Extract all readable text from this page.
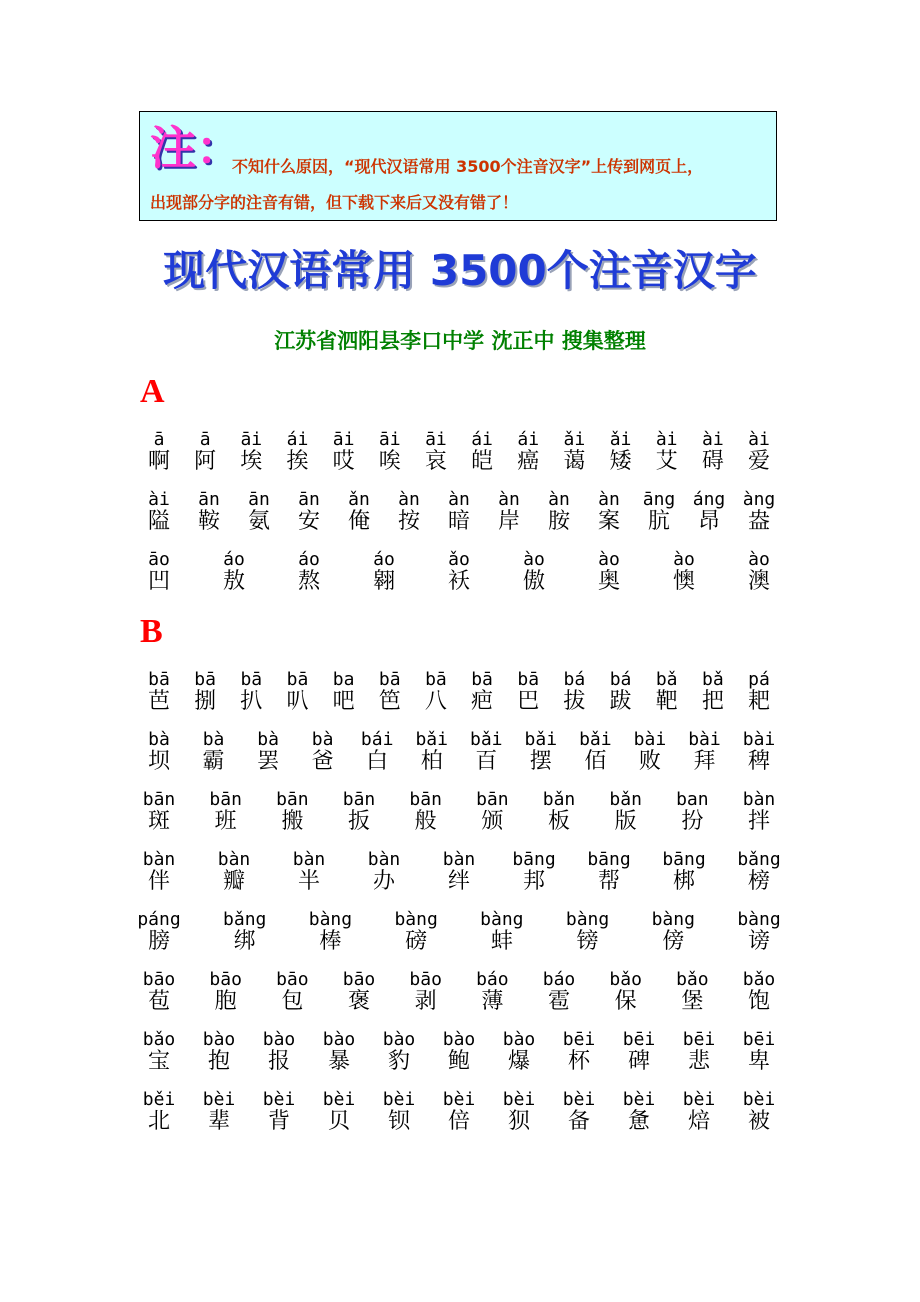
注：
不知什么原因，“现代汉语常用 3500个注音汉字”上传到网页上，
出现部分字的注音有错，但下载下来后又没有错了！
现代汉语常用 3500个注音汉字
江苏省泗阳县李口中学 沈正中 搜集整理
A
ā
啊
ā
阿
āi
埃
ái
挨
āi
哎
āi
唉
āi
哀
ái
皑
ái
癌
ǎi
蔼
ǎi
矮
ài
艾
ài
碍
ài
爱
ài
隘
ān
鞍
ān
氨
ān
安
ǎn
俺
àn
按
àn
暗
àn
岸
àn
胺
àn
案
āng
肮
áng
昂
àng
盎
āo
凹
áo
敖
áo
熬
áo
翱
ǎo
袄
ào
傲
ào
奥
ào
懊
ào
澳
B
bā
芭
bā
捌
bā
扒
bā
叭
ba
吧
bā
笆
bā
八
bā
疤
bā
巴
bá
拔
bá
跋
bǎ
靶
bǎ
把
pá
耙
bà
坝
bà
霸
bà
罢
bà
爸
bái
白
bǎi
柏
bǎi
百
bǎi
摆
bǎi
佰
bài
败
bài
拜
bài
稗
bān
斑
bān
班
bān
搬
bān
扳
bān
般
bān
颁
bǎn
板
bǎn
版
ban
扮
bàn
拌
bàn
伴
bàn
瓣
bàn
半
bàn
办
bàn
绊
bāng
邦
bāng
帮
bāng
梆
bǎng
榜
páng
膀
bǎng
绑
bàng
棒
bàng
磅
bàng
蚌
bàng
镑
bàng
傍
bàng
谤
bāo
苞
bāo
胞
bāo
包
bāo
褒
bāo
剥
báo
薄
báo
雹
bǎo
保
bǎo
堡
bǎo
饱
bǎo
宝
bào
抱
bào
报
bào
暴
bào
豹
bào
鲍
bào
爆
bēi
杯
bēi
碑
bēi
悲
bēi
卑
běi
北
bèi
辈
bèi
背
bèi
贝
bèi
钡
bèi
倍
bèi
狈
bèi
备
bèi
惫
bèi
焙
bèi
被
